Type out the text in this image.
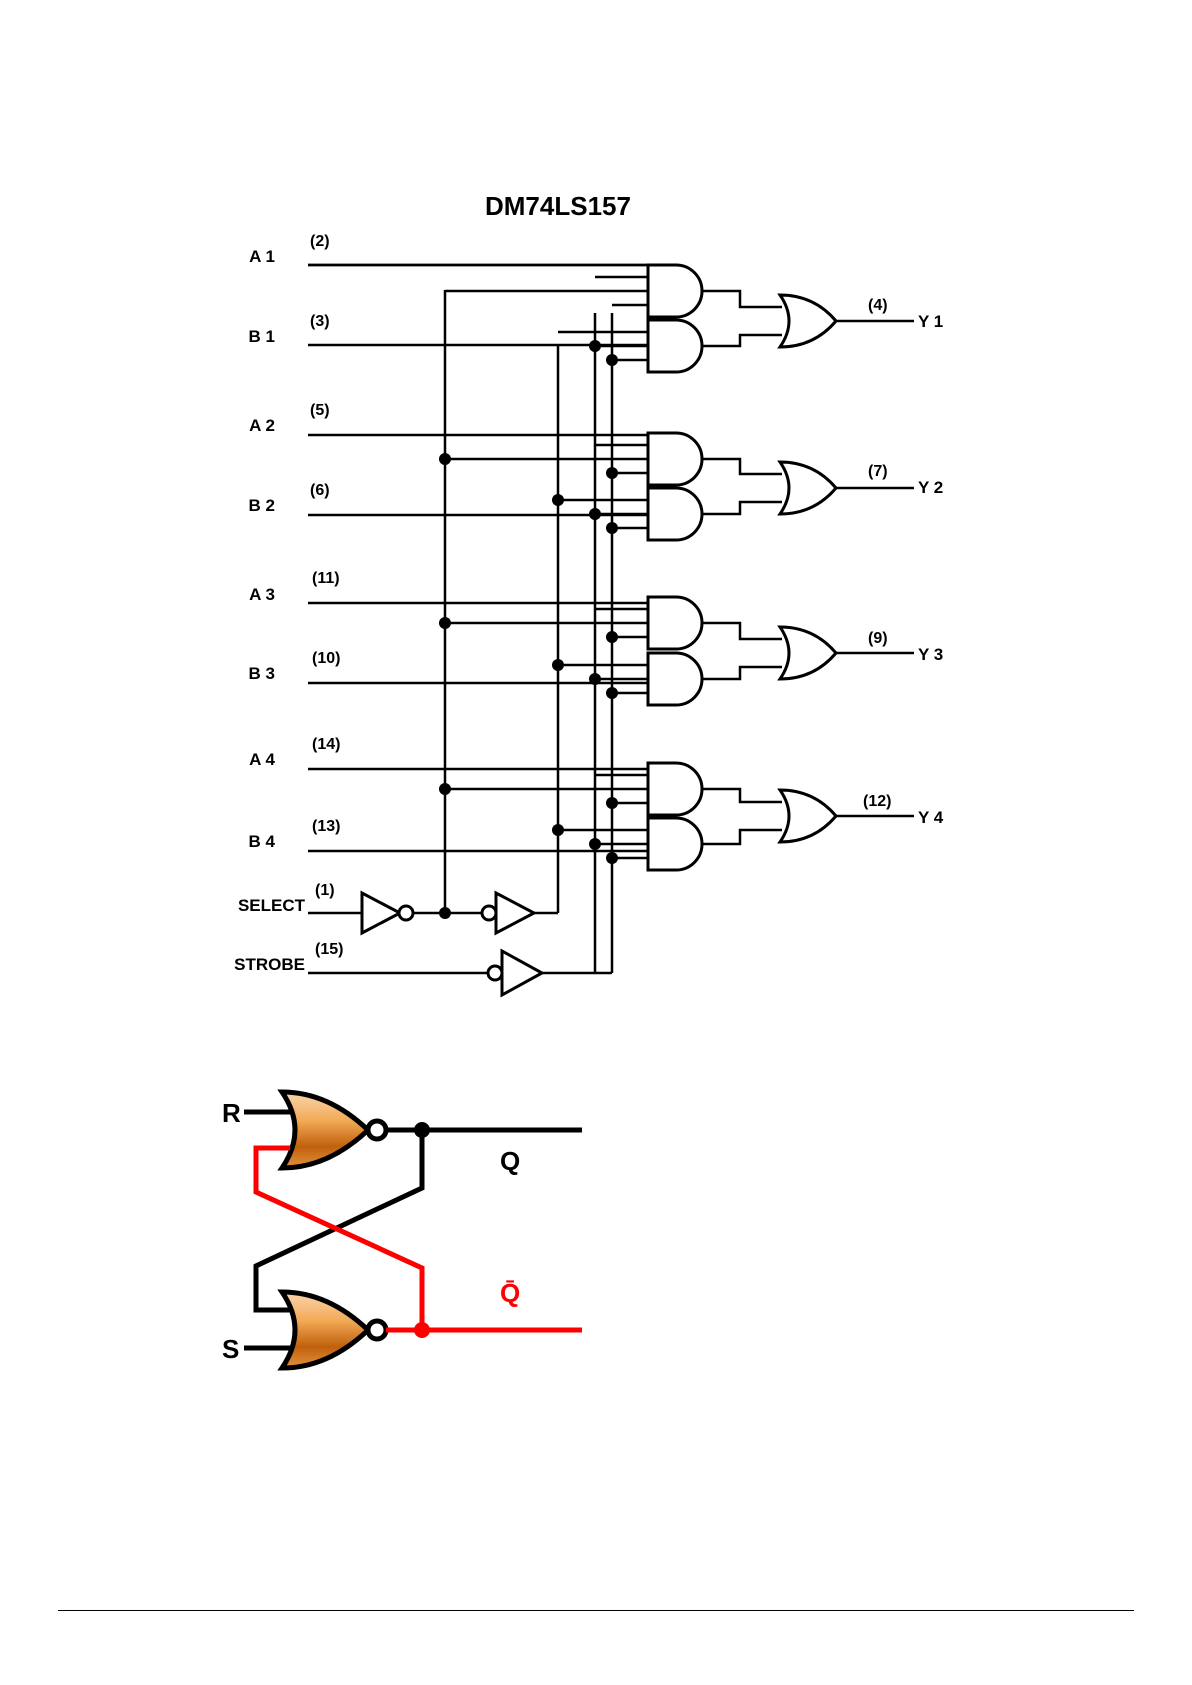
DM74LS157
A 1
(2)
B 1
(3)
A 2
(5)
B 2
(6)
A 3
(11)
B 3
(10)
A 4
(14)
B 4
(13)
SELECT
(1)
STROBE
(15)
Y 1
(4)
Y 2
(7)
Y 3
(9)
Y 4
(12)
R
S
Q
Q̄
